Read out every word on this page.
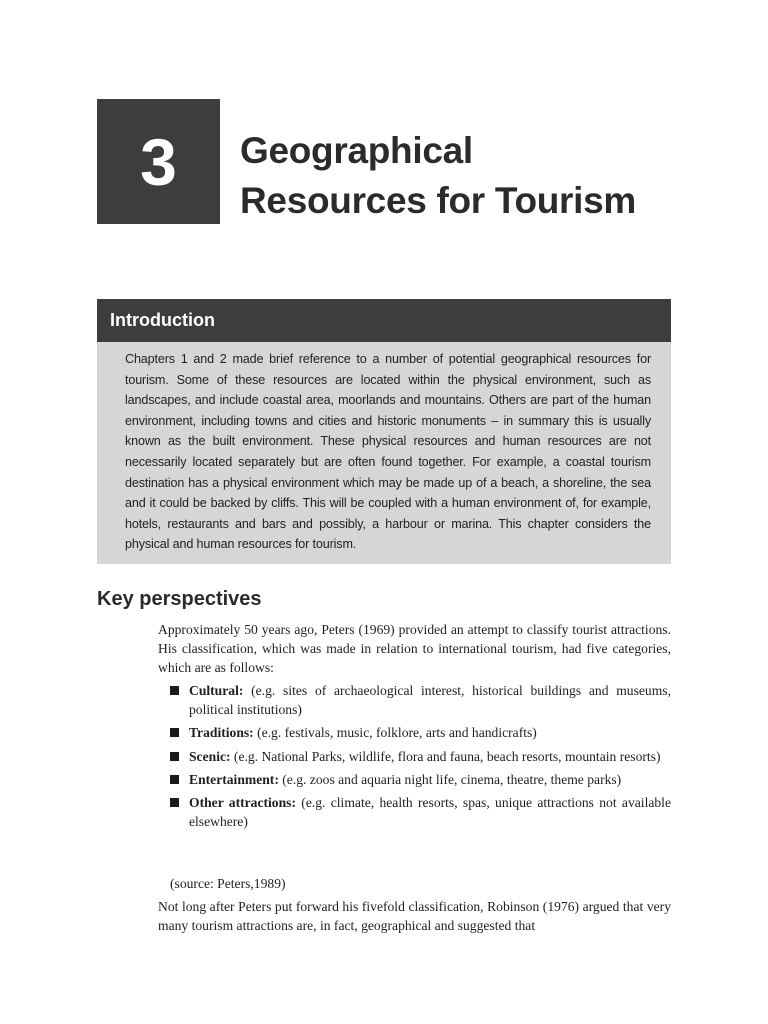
3 Geographical
Resources for Tourism
Introduction
Chapters 1 and 2 made brief reference to a number of potential geographical resources for tourism. Some of these resources are located within the physical environment, such as landscapes, and include coastal area, moorlands and mountains. Others are part of the human environment, including towns and cities and historic monuments – in summary this is usually known as the built environment. These physical resources and human resources are not necessarily located separately but are often found together. For example, a coastal tourism destination has a physical environment which may be made up of a beach, a shoreline, the sea and it could be backed by cliffs. This will be coupled with a human environment of, for example, hotels, restaurants and bars and possibly, a harbour or marina. This chapter considers the physical and human resources for tourism.
Key perspectives

Approximately 50 years ago, Peters (1969) provided an attempt to classify tourist attractions. His classification, which was made in relation to international tourism, had five categories, which are as follows:

Cultural: (e.g. sites of archaeological interest, historical buildings and museums, political institutions)
Traditions: (e.g. festivals, music, folklore, arts and handicrafts)
Scenic: (e.g. National Parks, wildlife, flora and fauna, beach resorts, mountain resorts)
Entertainment: (e.g. zoos and aquaria night life, cinema, theatre, theme parks)
Other attractions: (e.g. climate, health resorts, spas, unique attractions not available elsewhere)

(source: Peters,1989)

Not long after Peters put forward his fivefold classification, Robinson (1976) argued that very many tourism attractions are, in fact, geographical and suggested that
